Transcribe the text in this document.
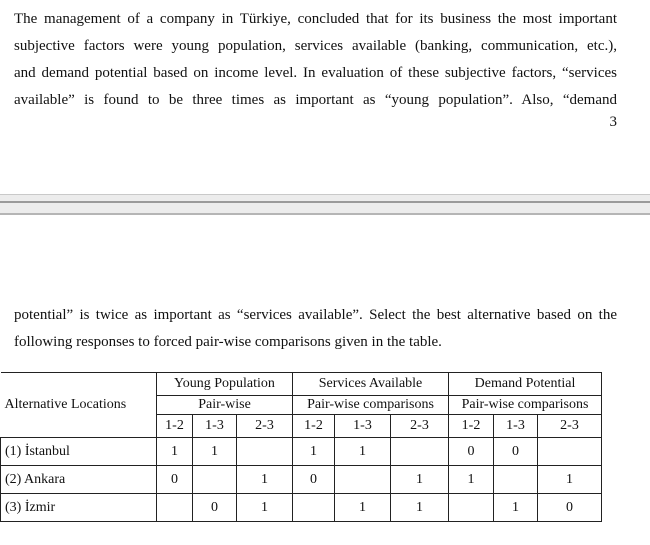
The management of a company in Türkiye, concluded that for its business the most important
subjective factors were young population, services available (banking, communication, etc.),
and demand potential based on income level. In evaluation of these subjective factors, “services
available” is found to be three times as important as “young population”. Also, “demand
3
potential” is twice as important as “services available”. Select the best alternative based on the
following responses to forced pair-wise comparisons given in the table.
Alternative Locations	Young Population			Services Available			Demand Potential		
	Pair-wise			Pair-wise comparisons			Pair-wise comparisons		
	1-2	1-3	2-3	1-2	1-3	2-3	1-2	1-3	2-3
(1) İstanbul	1	1		1	1		0	0	
(2) Ankara	0		1	0		1	1		1
(3) İzmir		0	1		1	1		1	0
